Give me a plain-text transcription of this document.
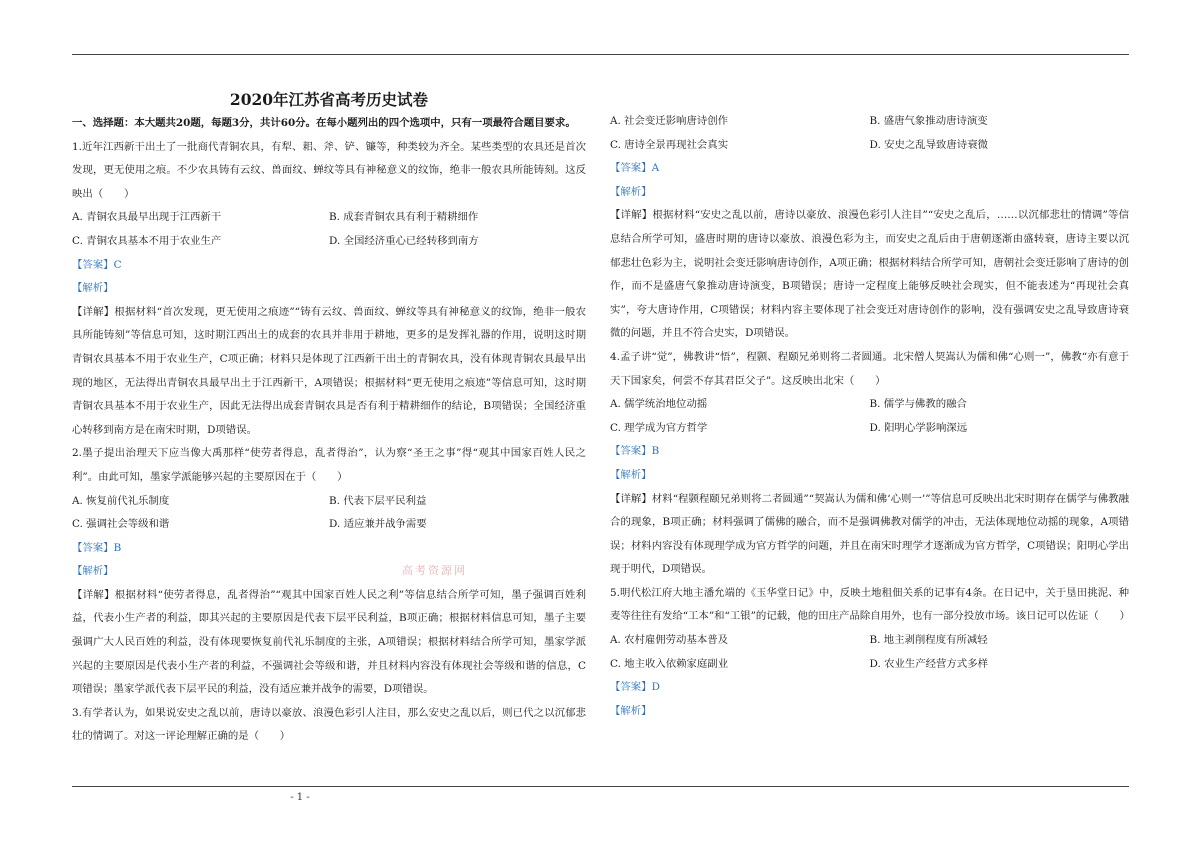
2020年江苏省高考历史试卷

一、选择题：本大题共20题，每题3分，共计60分。在每小题列出的四个选项中，只有一项最符合题目要求。

1.近年江西新干出土了一批商代青铜农具，有犁、耜、斧、铲、镰等，种类较为齐全。某些类型的农具还是首次发现，更无使用之痕。不少农具铸有云纹、兽面纹、蝉纹等具有神秘意义的纹饰，绝非一般农具所能铸刻。这反映出（　　）

A. 青铜农具最早出现于江西新干	B. 成套青铜农具有利于精耕细作
C. 青铜农具基本不用于农业生产	D. 全国经济重心已经转移到南方

【答案】C

【解析】

【详解】根据材料“首次发现，更无使用之痕迹”“铸有云纹、兽面纹、蝉纹等具有神秘意义的纹饰，绝非一般农具所能铸刻”等信息可知，这时期江西出土的成套的农具并非用于耕地，更多的是发挥礼器的作用，说明这时期青铜农具基本不用于农业生产，C项正确；材料只是体现了江西新干出土的青铜农具，没有体现青铜农具最早出现的地区，无法得出青铜农具最早出土于江西新干，A项错误；根据材料“更无使用之痕迹”等信息可知，这时期青铜农具基本不用于农业生产，因此无法得出成套青铜农具是否有利于精耕细作的结论，B项错误；全国经济重心转移到南方是在南宋时期，D项错误。

2.墨子提出治理天下应当像大禹那样“使劳者得息，乱者得治”，认为察“圣王之事”得“观其中国家百姓人民之利”。由此可知，墨家学派能够兴起的主要原因在于（　　）

A. 恢复前代礼乐制度	B. 代表下层平民利益
C. 强调社会等级和谐	D. 适应兼并战争需要

【答案】B

【解析】

【详解】根据材料“使劳者得息，乱者得治”“观其中国家百姓人民之利”等信息结合所学可知，墨子强调百姓利益，代表小生产者的利益，即其兴起的主要原因是代表下层平民利益，B项正确；根据材料信息可知，墨子主要强调广大人民百姓的利益，没有体现要恢复前代礼乐制度的主张，A项错误；根据材料结合所学可知，墨家学派兴起的主要原因是代表小生产者的利益，不强调社会等级和谐，并且材料内容没有体现社会等级和谐的信息，C项错误；墨家学派代表下层平民的利益，没有适应兼并战争的需要，D项错误。

3.有学者认为，如果说安史之乱以前，唐诗以豪放、浪漫色彩引人注目，那么安史之乱以后，则已代之以沉郁悲壮的情调了。对这一评论理解正确的是（　　）

A. 社会变迁影响唐诗创作	B. 盛唐气象推动唐诗演变
C. 唐诗全景再现社会真实	D. 安史之乱导致唐诗衰微

【答案】A

【解析】

【详解】根据材料“安史之乱以前，唐诗以豪放、浪漫色彩引人注目”“安史之乱后，……以沉郁悲壮的情调”等信息结合所学可知，盛唐时期的唐诗以豪放、浪漫色彩为主，而安史之乱后由于唐朝逐渐由盛转衰，唐诗主要以沉郁悲壮色彩为主，说明社会变迁影响唐诗创作，A项正确；根据材料结合所学可知，唐朝社会变迁影响了唐诗的创作，而不是盛唐气象推动唐诗演变，B项错误；唐诗一定程度上能够反映社会现实，但不能表述为“再现社会真实”，夸大唐诗作用，C项错误；材料内容主要体现了社会变迁对唐诗创作的影响，没有强调安史之乱导致唐诗衰微的问题，并且不符合史实，D项错误。

4.孟子讲“觉”，佛教讲“悟”，程颢、程颐兄弟则将二者圆通。北宋僧人契嵩认为儒和佛“心则一”，佛教“亦有意于天下国家矣，何尝不存其君臣父子”。这反映出北宋（　　）

A. 儒学统治地位动摇	B. 儒学与佛教的融合
C. 理学成为官方哲学	D. 阳明心学影响深远

【答案】B

【解析】

【详解】材料“程颢程颐兄弟则将二者圆通”“契嵩认为儒和佛‘心则一’”等信息可反映出北宋时期存在儒学与佛教融合的现象，B项正确；材料强调了儒佛的融合，而不是强调佛教对儒学的冲击，无法体现地位动摇的现象，A项错误；材料内容没有体现理学成为官方哲学的问题，并且在南宋时理学才逐渐成为官方哲学，C项错误；阳明心学出现于明代，D项错误。

5.明代松江府大地主潘允端的《玉华堂日记》中，反映土地租佃关系的记事有4条。在日记中，关于垦田挑泥、种麦等往往有发给“工本”和“工银”的记载，他的田庄产品除自用外，也有一部分投放市场。该日记可以佐证（　　）

A. 农村雇佣劳动基本普及	B. 地主剥削程度有所减轻
C. 地主收入依赖家庭副业	D. 农业生产经营方式多样

【答案】D

【解析】

高考资源网
- 1 -
